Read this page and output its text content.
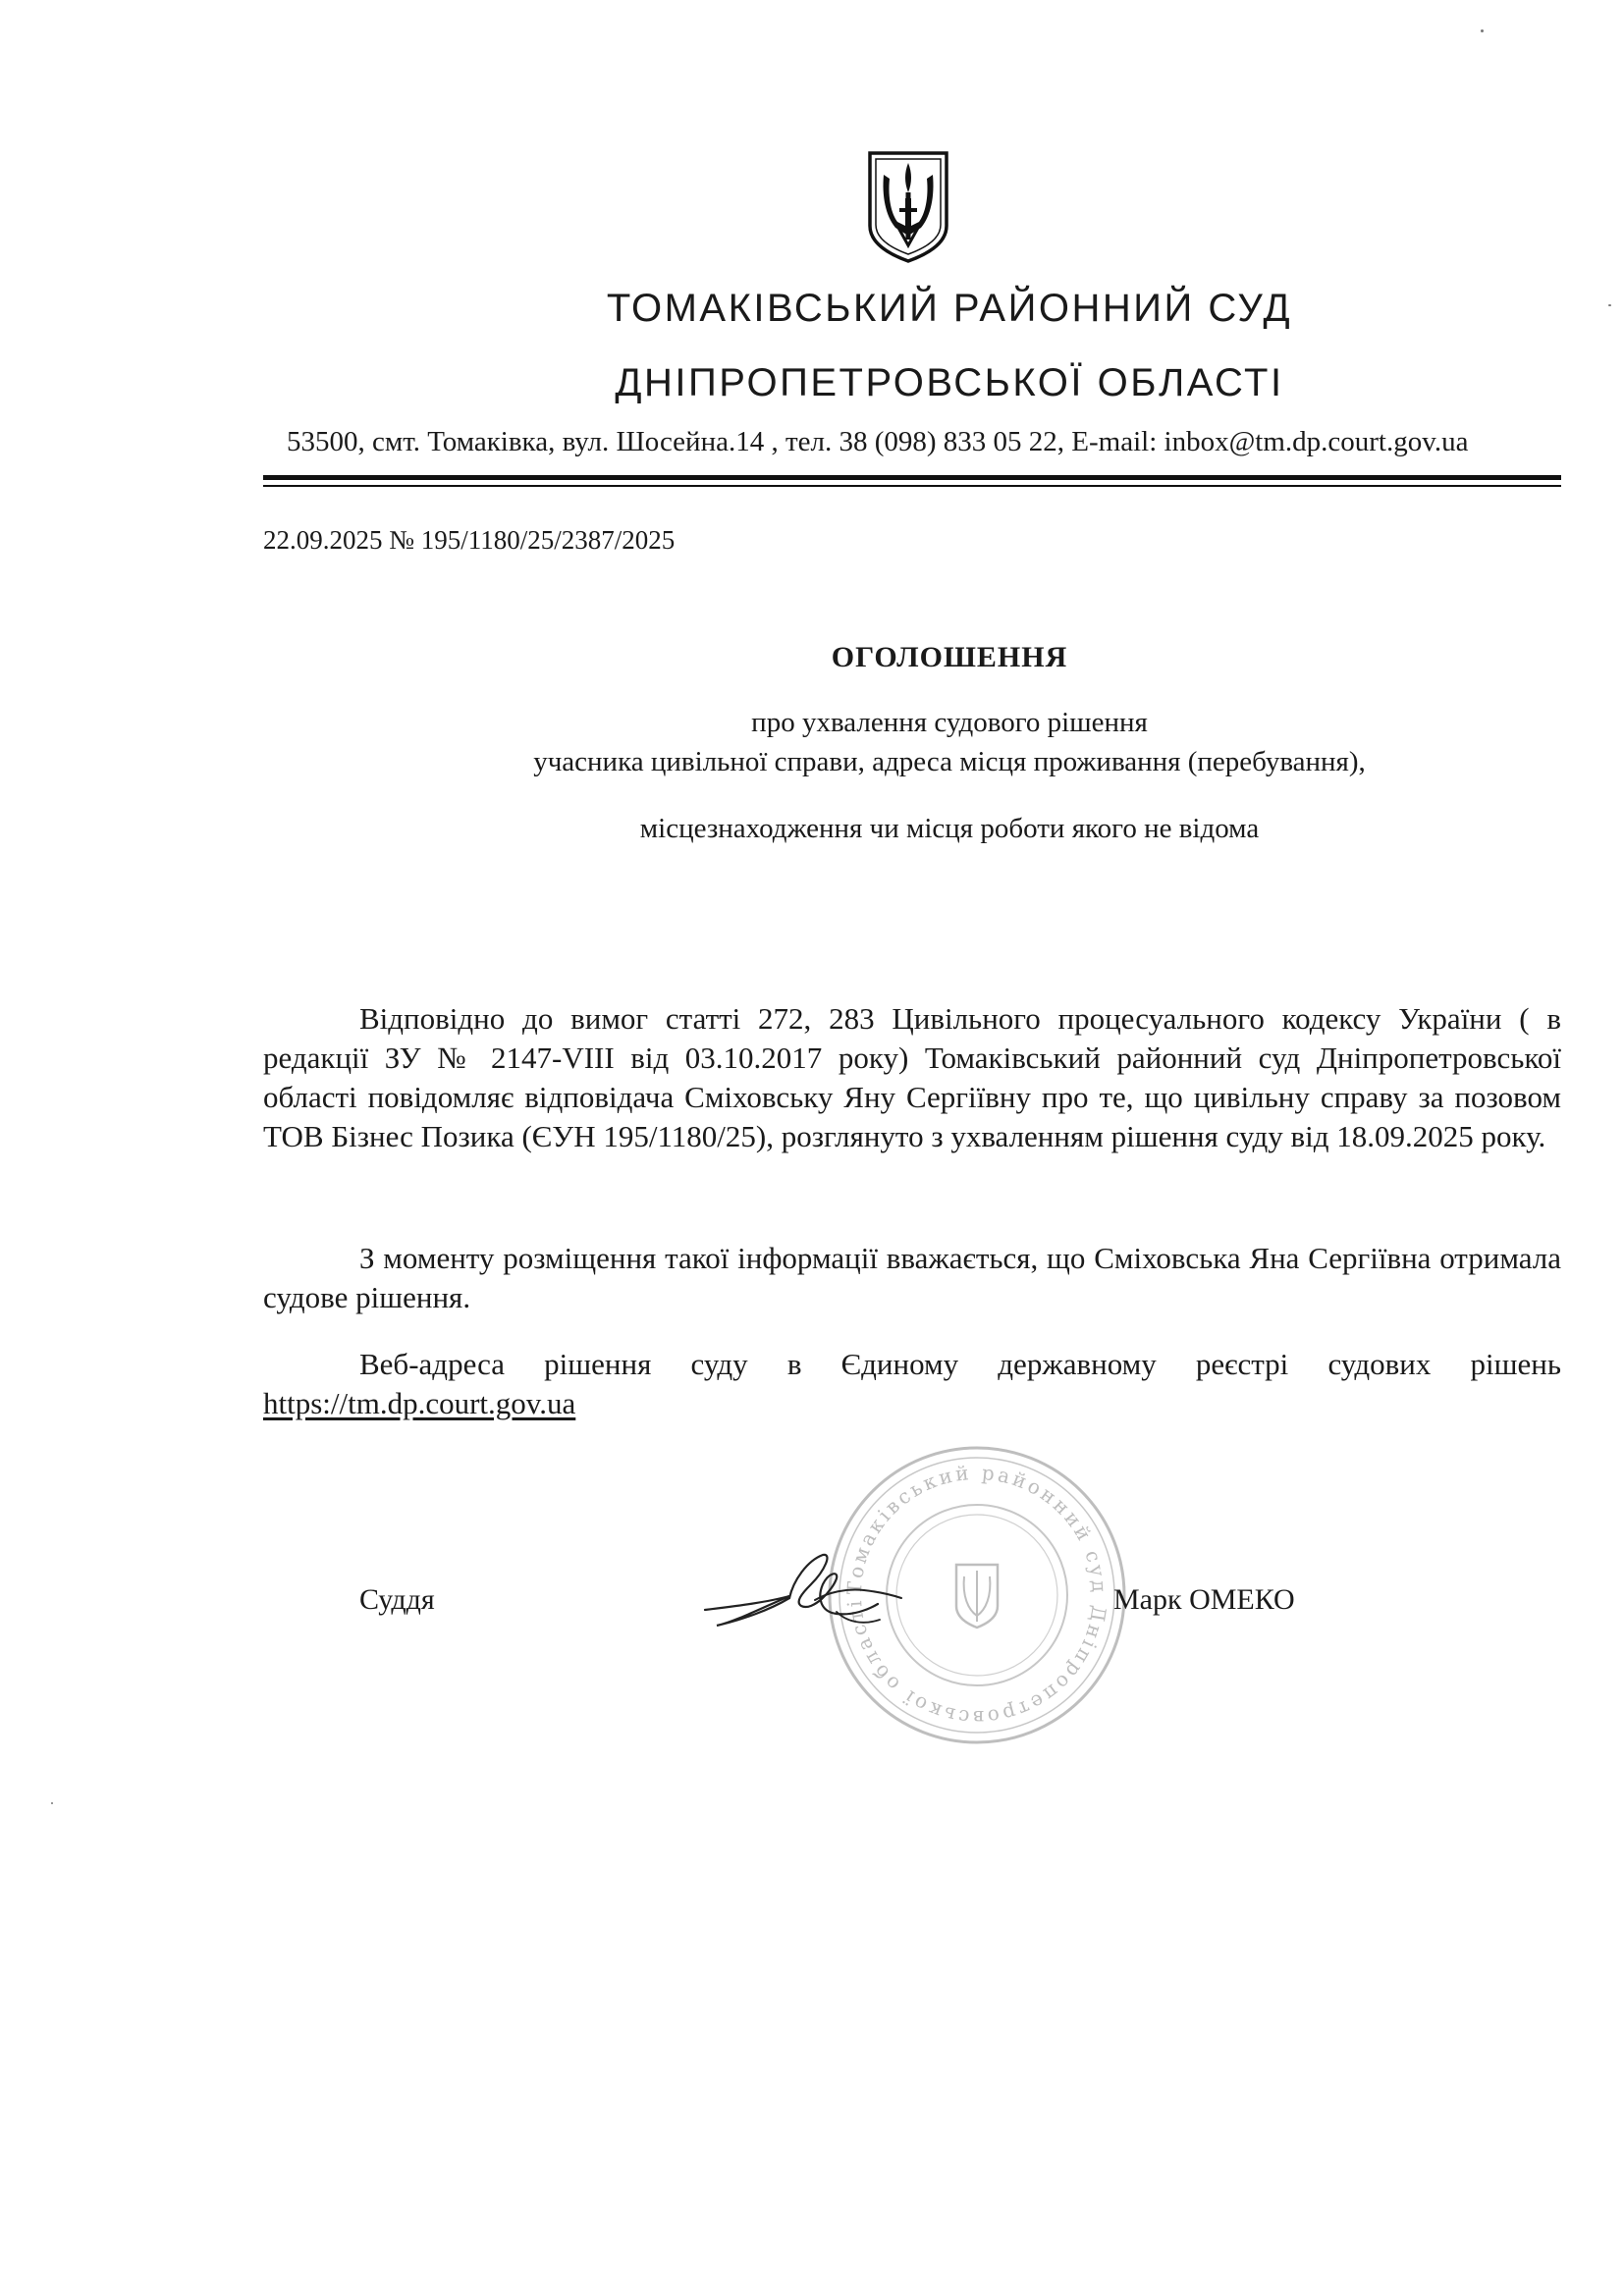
ТОМАКІВСЬКИЙ РАЙОННИЙ СУД
ДНІПРОПЕТРОВСЬКОЇ ОБЛАСТІ
53500, смт. Томаківка, вул. Шосейна.14 , тел. 38 (098) 833 05 22, E-mail: inbox@tm.dp.court.gov.ua
22.09.2025 № 195/1180/25/2387/2025
ОГОЛОШЕННЯ
про ухвалення судового рішення
учасника цивільної справи, адреса місця проживання (перебування),
місцезнаходження чи місця роботи якого не відома
Відповідно до вимог статті 272, 283 Цивільного процесуального кодексу України ( в редакції ЗУ № 2147-VIII від 03.10.2017 року) Томаківський районний суд Дніпропетровської області повідомляє відповідача Сміховську Яну Сергіївну про те, що цивільну справу за позовом ТОВ Бізнес Позика (ЄУН 195/1180/25), розглянуто з ухваленням рішення суду від 18.09.2025 року.
З моменту розміщення такої інформації вважається, що Сміховська Яна Сергіївна отримала судове рішення.
Веб-адреса рішення суду в Єдиному державному реєстрі судових рішень https://tm.dp.court.gov.ua
Томаківський районний суд Дніпропетровської області
Суддя	Марк ОМЕКО
